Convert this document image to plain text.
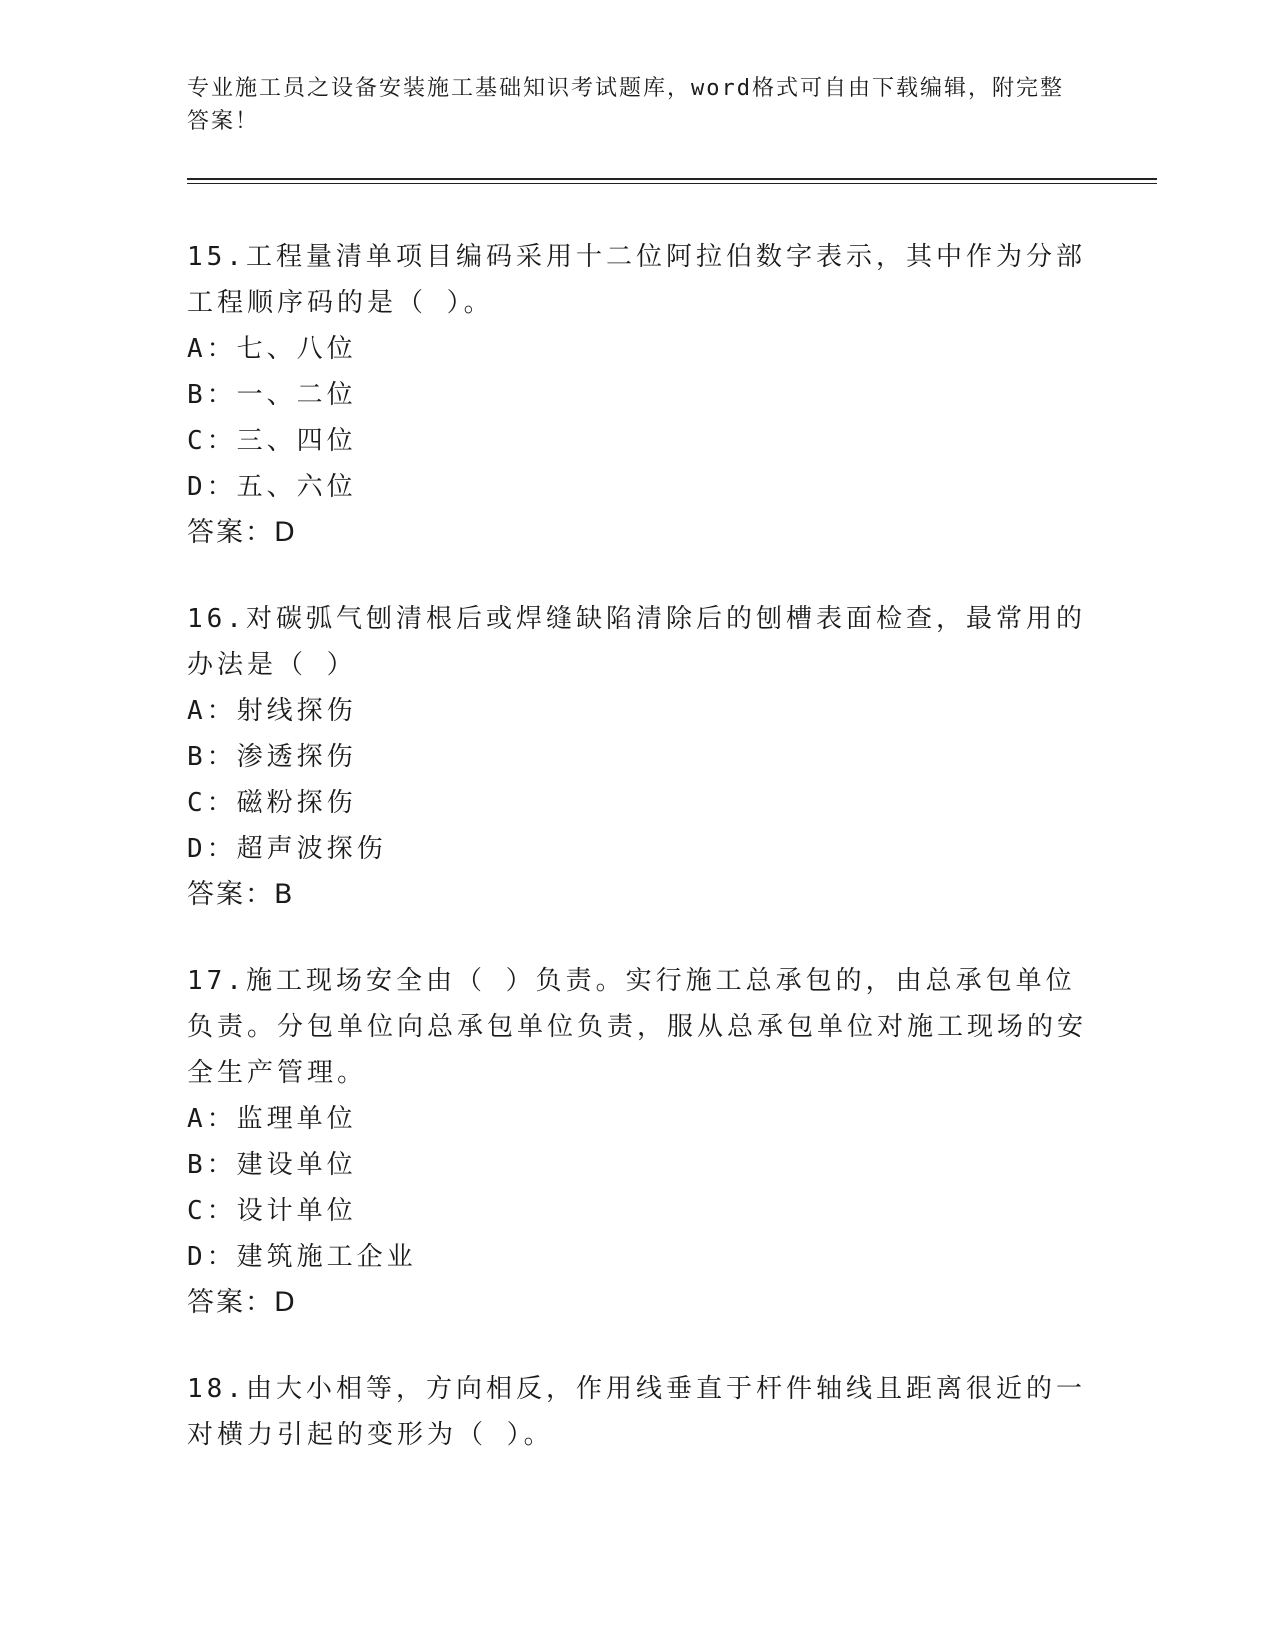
专业施工员之设备安装施工基础知识考试题库，word格式可自由下载编辑，附完整答案！

15.工程量清单项目编码采用十二位阿拉伯数字表示，其中作为分部工程顺序码的是（ ）。

A：七、八位

B：一、二位

C：三、四位

D：五、六位

答案：D

16.对碳弧气刨清根后或焊缝缺陷清除后的刨槽表面检查，最常用的办法是（ ）

A：射线探伤

B：渗透探伤

C：磁粉探伤

D：超声波探伤

答案：B

17.施工现场安全由（ ）负责。实行施工总承包的，由总承包单位负责。分包单位向总承包单位负责，服从总承包单位对施工现场的安全生产管理。

A：监理单位

B：建设单位

C：设计单位

D：建筑施工企业

答案：D

18.由大小相等，方向相反，作用线垂直于杆件轴线且距离很近的一对横力引起的变形为（ ）。
